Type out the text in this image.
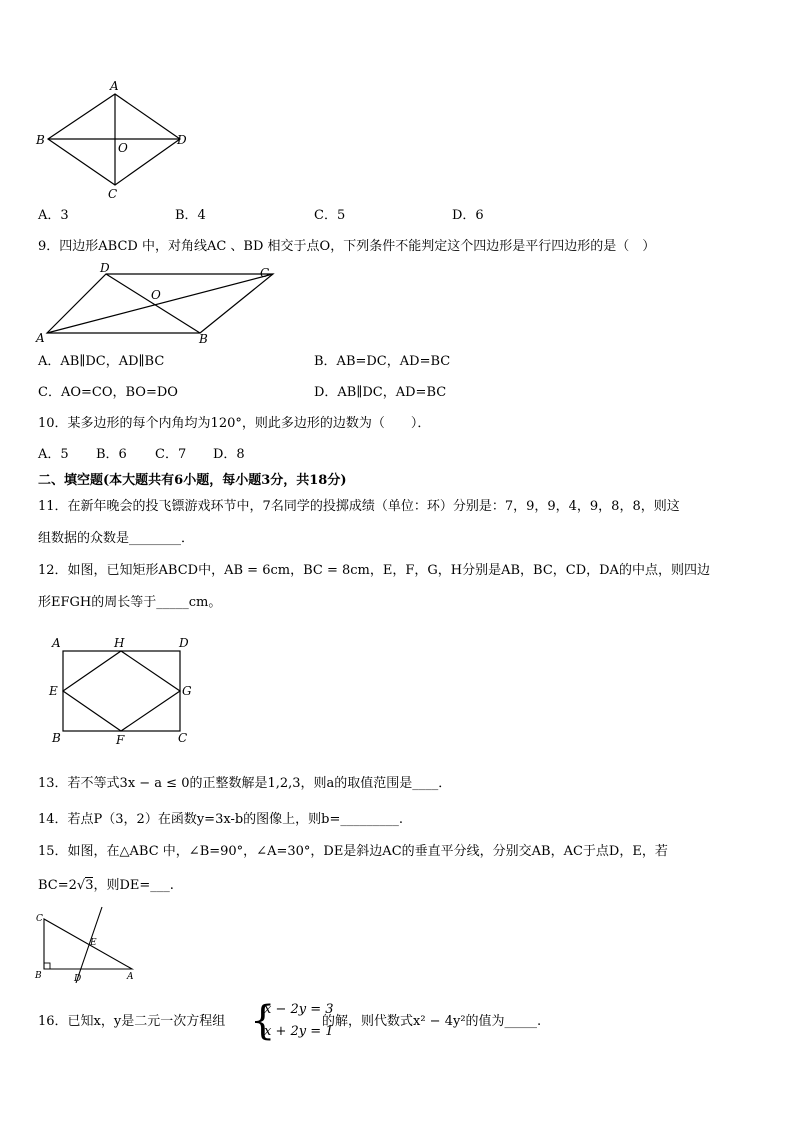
A
B
C
D
O
A．3	B．4	C．5	D．6
9．四边形ABCD 中，对角线AC 、BD 相交于点O，下列条件不能判定这个四边形是平行四边形的是（　）
D	C
O
A	B
A．AB∥DC，AD∥BC	B．AB=DC，AD=BC
C．AO=CO，BO=DO	D．AB∥DC，AD=BC
10．某多边形的每个内角均为120°，则此多边形的边数为（　　）．
A．5 B．6 C．7 D．8
二、填空题(本大题共有6小题，每小题3分，共18分)
11．在新年晚会的投飞镖游戏环节中，7名同学的投掷成绩（单位：环）分别是：7，9，9，4，9，8，8，则这
组数据的众数是________．
12．如图，已知矩形ABCD中，AB = 6cm，BC = 8cm，E，F，G，H分别是AB，BC，CD，DA的中点，则四边
形EFGH的周长等于_____cm。
A	H	D
E	G
B	F	C
13．若不等式3x − a ≤ 0的正整数解是1,2,3，则a的取值范围是____．
14．若点P（3，2）在函数y=3x-b的图像上，则b=_________.
15．如图，在△ABC 中，∠B=90°，∠A=30°，DE是斜边AC的垂直平分线，分别交AB，AC于点D，E，若
BC=2√3，则DE=___.
C
E
B	D	A
16．已知x，y是二元一次方程组 {
x − 2y = 3
x + 2y = 1
的解，则代数式x² − 4y²的值为_____.
